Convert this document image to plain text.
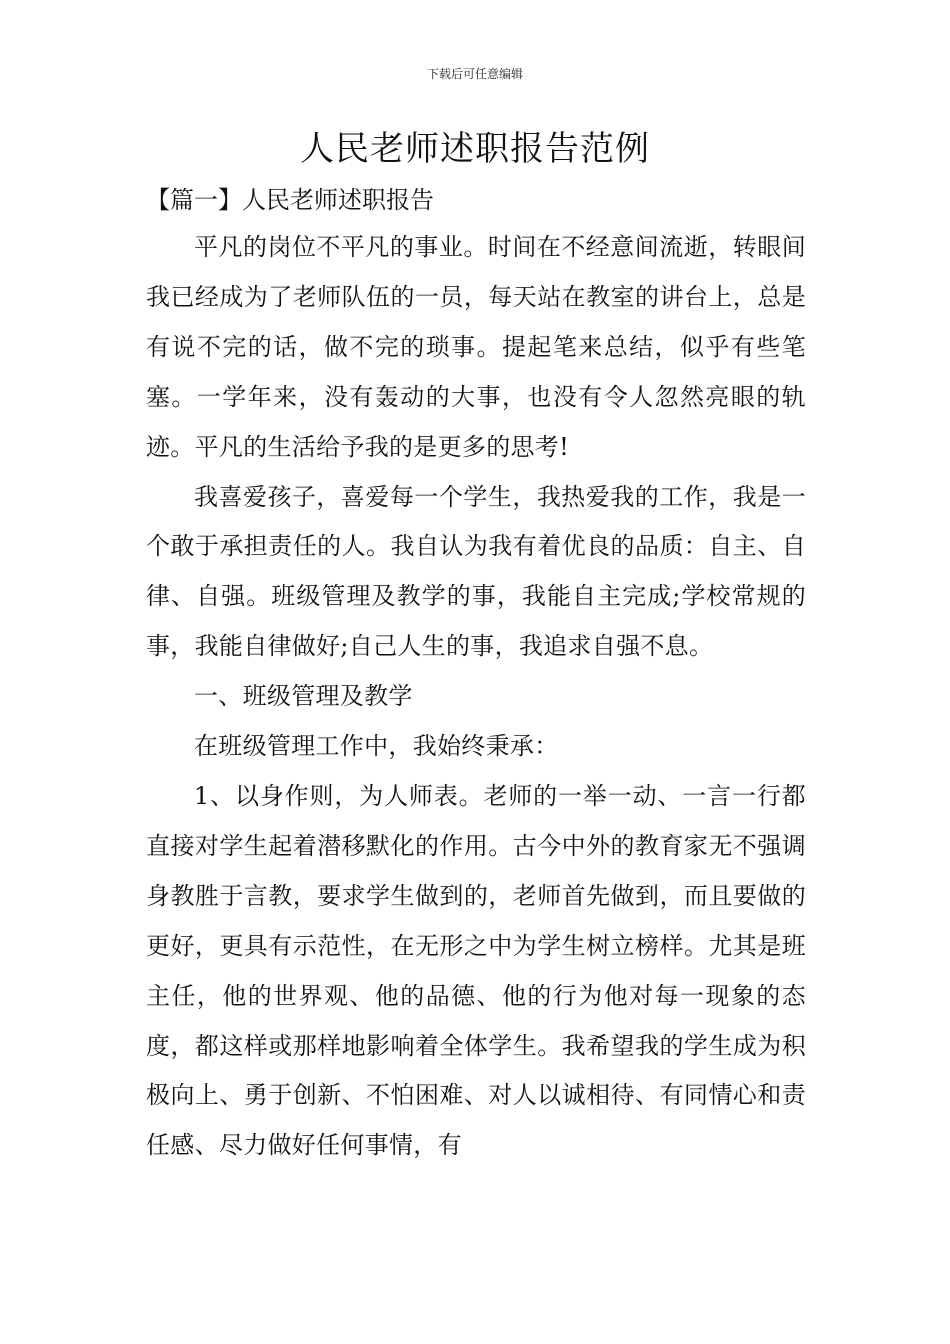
下载后可任意编辑
人民老师述职报告范例
【篇一】人民老师述职报告

平凡的岗位不平凡的事业。时间在不经意间流逝，转眼间我已经成为了老师队伍的一员，每天站在教室的讲台上，总是有说不完的话，做不完的琐事。提起笔来总结，似乎有些笔塞。一学年来，没有轰动的大事，也没有令人忽然亮眼的轨迹。平凡的生活给予我的是更多的思考!

我喜爱孩子，喜爱每一个学生，我热爱我的工作，我是一个敢于承担责任的人。我自认为我有着优良的品质：自主、自律、自强。班级管理及教学的事，我能自主完成;学校常规的事，我能自律做好;自己人生的事，我追求自强不息。

一、班级管理及教学

在班级管理工作中，我始终秉承：

1、以身作则，为人师表。老师的一举一动、一言一行都直接对学生起着潜移默化的作用。古今中外的教育家无不强调身教胜于言教，要求学生做到的，老师首先做到，而且要做的更好，更具有示范性，在无形之中为学生树立榜样。尤其是班主任，他的世界观、他的品德、他的行为他对每一现象的态度，都这样或那样地影响着全体学生。我希望我的学生成为积极向上、勇于创新、不怕困难、对人以诚相待、有同情心和责任感、尽力做好任何事情，有
